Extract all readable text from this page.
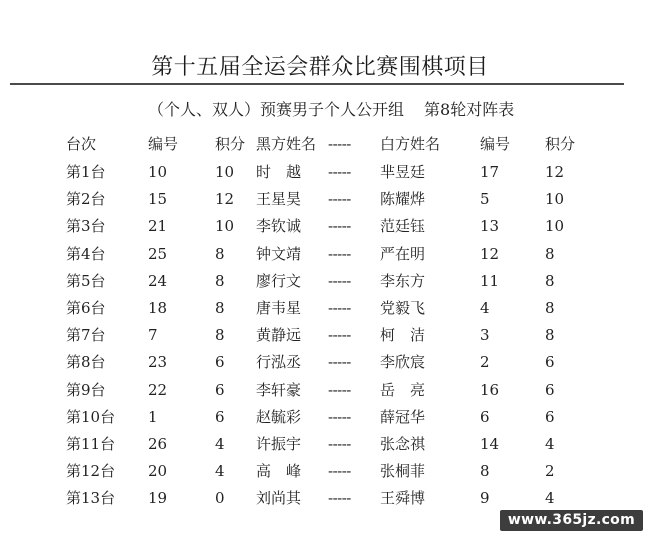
第十五届全运会群众比赛围棋项目
（个人、双人）预赛男子个人公开组 第8轮对阵表
台次	编号 积分 黑方姓名 ----- 白方姓名	编号 积分
第1台	10	10 时　越 ----- 芈昱廷	17	12
第2台	15	12 王星昊 ----- 陈耀烨	5	10
第3台	21	10 李钦诚 ----- 范廷钰	13	10
第4台	25	8 钟文靖 ----- 严在明	12	8
第5台	24	8 廖行文 ----- 李东方	11	8
第6台	18	8 唐韦星 ----- 党毅飞	4	8
第7台	7	8 黄静远 ----- 柯　洁	3	8
第8台	23	6 行泓丞 ----- 李欣宸	2	6
第9台	22	6 李轩豪 ----- 岳　亮	16	6
第10台 1	6 赵毓彩 ----- 薛冠华	6	6
第11台 26	4 许振宇 ----- 张念祺	14	4
第12台 20	4 高　峰 ----- 张桐菲	8	2
第13台 19	0 刘尚其 ----- 王舜博	9	4
www.365jz.com
